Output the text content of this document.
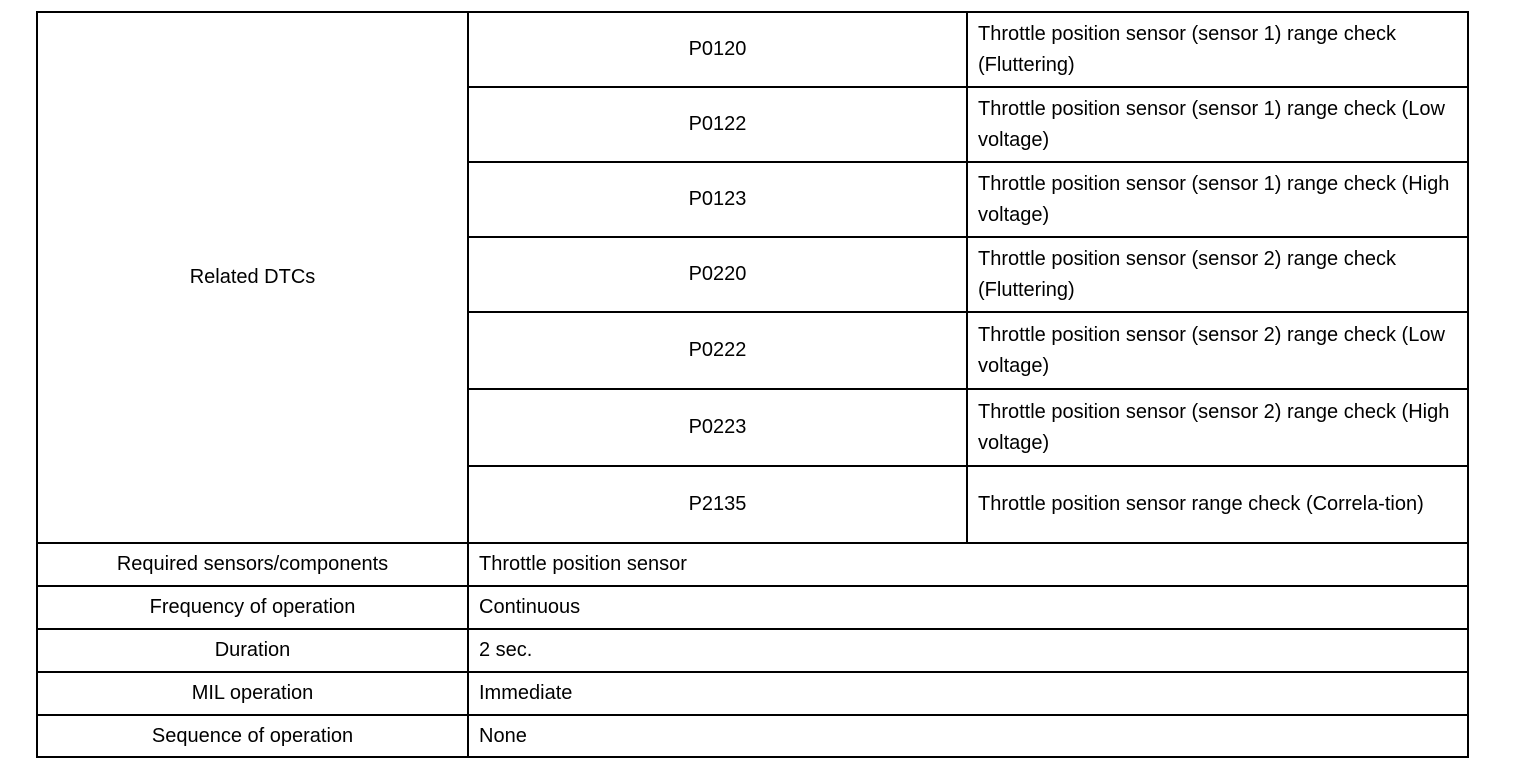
Related DTCs	P0120	Throttle position sensor (sensor 1) range check (Fluttering)
	P0122	Throttle position sensor (sensor 1) range check (Low voltage)
	P0123	Throttle position sensor (sensor 1) range check (High voltage)
	P0220	Throttle position sensor (sensor 2) range check (Fluttering)
	P0222	Throttle position sensor (sensor 2) range check (Low voltage)
	P0223	Throttle position sensor (sensor 2) range check (High voltage)
	P2135	Throttle position sensor range check (Correla-tion)
Required sensors/components	Throttle position sensor	
Frequency of operation	Continuous	
Duration	2 sec.	
MIL operation	Immediate	
Sequence of operation	None	
